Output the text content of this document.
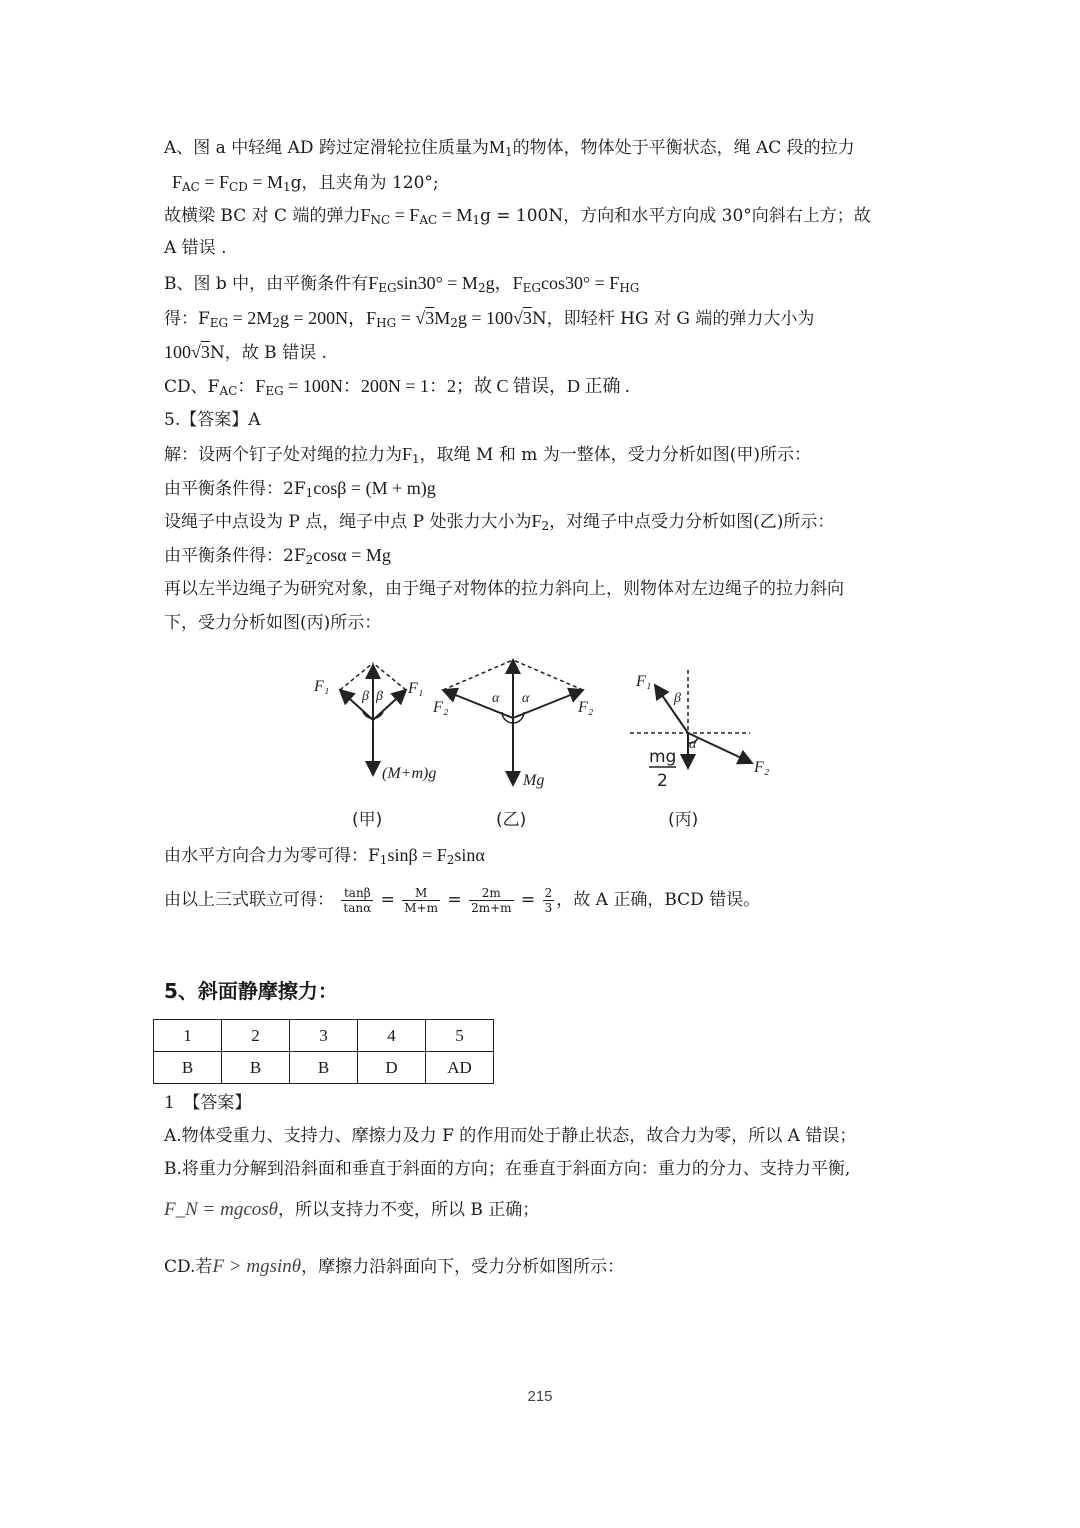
A、图 a 中轻绳 AD 跨过定滑轮拉住质量为$M_1$的物体，物体处于平衡状态，绳 AC 段的拉力
$F_{AC} = F_{CD} = M_1g$，且夹角为 120°;
故横梁 BC 对 C 端的弹力$F_{NC} = F_{AC} = M_1g = 100N$，方向和水平方向成 30°向斜右上方；故
A 错误 .
B、图 b 中，由平衡条件有$F_{EG}\sin 30^\circ = M_2g$，$F_{EG}\cos 30^\circ = F_{HG}$
得：$F_{EG} = 2M_2g = 200N$，$F_{HG} = √3M_2g = 100√3N$，即轻杆 HG 对 G 端的弹力大小为
100√3N，故 B 错误 .
CD、$F_{AC}$：$F_{EG} = 100N$：200N = 1：2；故 C 错误，D 正确 .
5.【答案】A
解：设两个钉子处对绳的拉力为$F_1$，取绳 M 和 m 为一整体，受力分析如图(甲)所示：
由平衡条件得：$2F_1\cos\beta = (M + m)g$
设绳子中点设为 P 点，绳子中点 P 处张力大小为$F_2$，对绳子中点受力分析如图(乙)所示：
由平衡条件得：$2F_2\cos\alpha = Mg$
再以左半边绳子为研究对象，由于绳子对物体的拉力斜向上，则物体对左边绳子的拉力斜向
下，受力分析如图(丙)所示：
F₁	F₁
β β
(M+m)g
(甲)
F₂	F₂
α α
Mg
(乙)
F₁
β
α
F₂
mg
2
(丙)
由水平方向合力为零可得：$F_1\sin\beta = F_2\sin\alpha$
由以上三式联立可得： $\frac{\tan\beta}{\tan\alpha} = \frac{M}{M+m} = \frac{2m}{2m+m} = \frac{2}{3}$ ，故 A 正确，BCD 错误。
5、斜面静摩擦力：
1	2	3	4	5
B	B	B	D	AD
1　【答案】
A.物体受重力、支持力、摩擦力及力 F 的作用而处于静止状态，故合力为零，所以 A 错误；
B.将重力分解到沿斜面和垂直于斜面的方向；在垂直于斜面方向：重力的分力、支持力平衡,
F_N = mgcosθ，所以支持力不变，所以 B 正确；
CD.若F > mgsinθ，摩擦力沿斜面向下，受力分析如图所示：
215
